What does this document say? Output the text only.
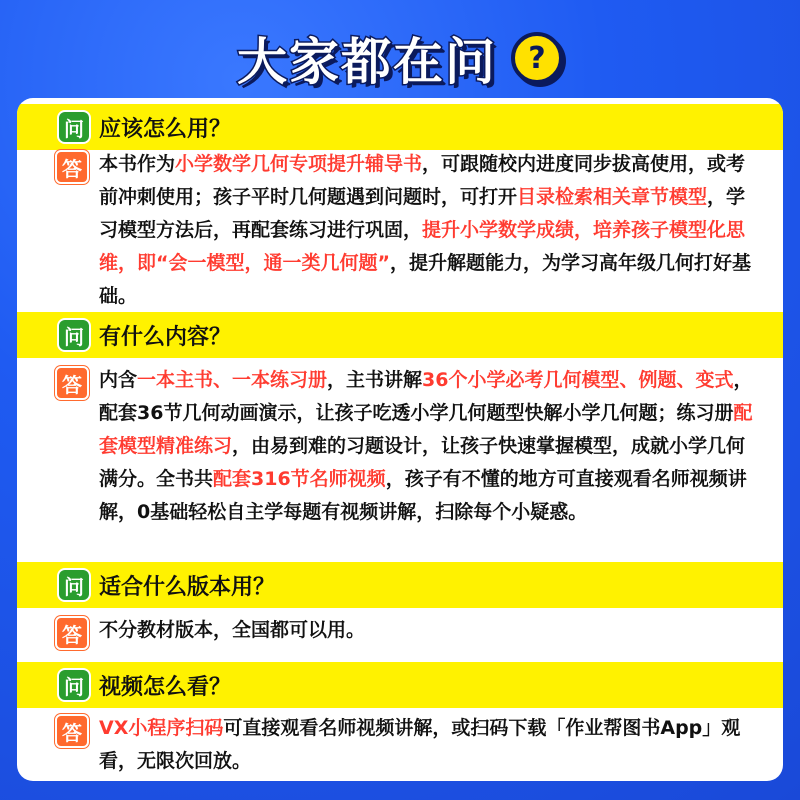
大家都在问	?
问 应该怎么用？
答 本书作为小学数学几何专项提升辅导书，可跟随校内进度同步拔高使用，或考前冲刺使用；孩子平时几何题遇到问题时，可打开目录检索相关章节模型，学习模型方法后，再配套练习进行巩固，提升小学数学成绩，培养孩子模型化思维，即“会一模型，通一类几何题”，提升解题能力，为学习高年级几何打好基础。
问 有什么内容？
答 内含一本主书、一本练习册，主书讲解36个小学必考几何模型、例题、变式，配套36节几何动画演示，让孩子吃透小学几何题型快解小学几何题；练习册配套模型精准练习，由易到难的习题设计，让孩子快速掌握模型，成就小学几何满分。全书共配套316节名师视频，孩子有不懂的地方可直接观看名师视频讲解，0基础轻松自主学每题有视频讲解，扫除每个小疑惑。
问 适合什么版本用？
答 不分教材版本，全国都可以用。
问 视频怎么看？
答 VX小程序扫码可直接观看名师视频讲解，或扫码下载「作业帮图书App」观看，无限次回放。
